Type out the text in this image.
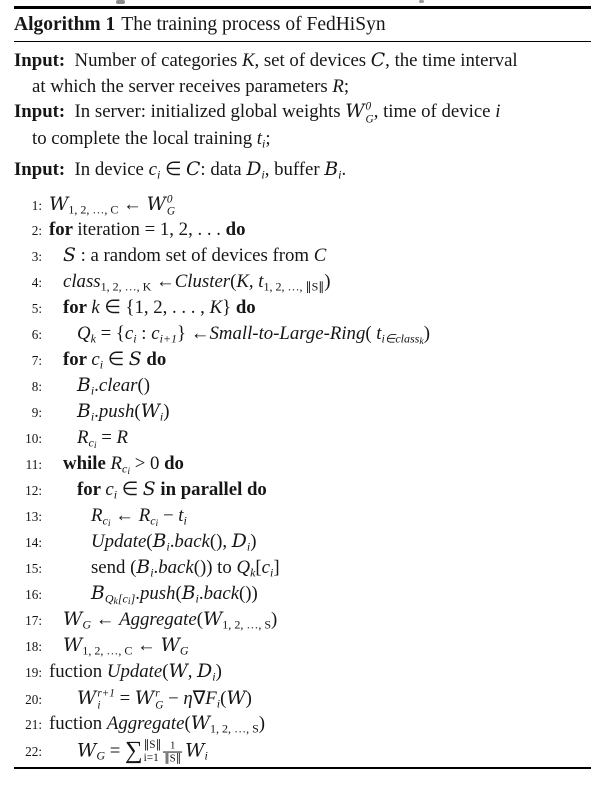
Algorithm 1 The training process of FedHiSyn
Input:  Number of categories K, set of devices C, the time interval
at which the server receives parameters R;
Input:  In server: initialized global weights W 0
G , time of device i
to complete the local training ti;
Input:  In device ci ∈ C: data Di, buffer Bi.
1: $W_{1, 2, \dots, C}$ ← W 0
G
2: for iteration = 1, 2, . . . do
3:	S : a random set of devices from C
4:	class$_{1, 2, \dots, K}$ ←Cluster(K, $t_{1, 2, \dots, \parallel S\parallel}$)
5:	for k ∈ {1, 2, . . . , K} do
6:	Qk = {ci : ci+1} ←Small-to-Large-Ring( ti∈class$_k$)
7:	for ci ∈ S do
8:	Bi.clear()
9:	Bi.push(Wi)
10:	$Rc_i = R$
11:	while $Rc_i > 0$ do
12:	for ci ∈ S in parallel do
13:	$Rc_i$ ← $Rc_i$ − ti
14:	Update(Bi.back(), Di)
15:	send (Bi.back()) to Qk[ci]
16:	$BQ_k[c_i].push(Bi.back())$
17:	WG ← $Aggregate(W_{1, 2, \dots, S})$
18:	$W_{1, 2, \dots, C}$ ← WG
19: fuction Update(W, Di)
20:	W r+1
i = W r
G − η∇Fi(W)
21: fuction $Aggregate(W_{1, 2, \dots, S})$
22:	WG = ∑ ∥S∥
$i=1 \frac{1}{\parallel S\parallel}$ Wi
